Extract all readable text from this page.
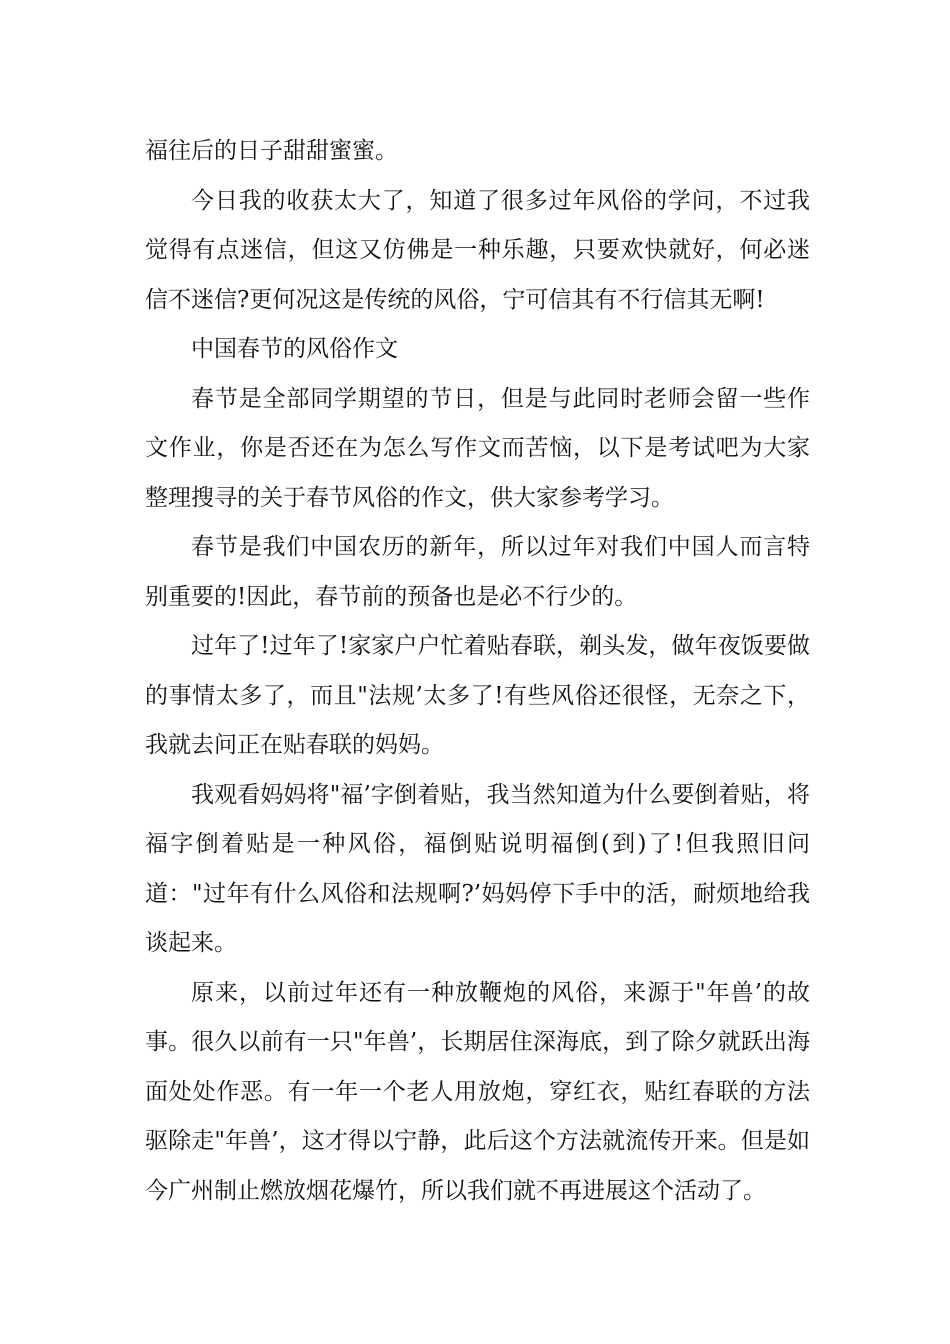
福往后的日子甜甜蜜蜜。

今日我的收获太大了，知道了很多过年风俗的学问，不过我觉得有点迷信，但这又仿佛是一种乐趣，只要欢快就好，何必迷信不迷信?更何况这是传统的风俗，宁可信其有不行信其无啊!

中国春节的风俗作文

春节是全部同学期望的节日，但是与此同时老师会留一些作文作业，你是否还在为怎么写作文而苦恼，以下是考试吧为大家整理搜寻的关于春节风俗的作文，供大家参考学习。

春节是我们中国农历的新年，所以过年对我们中国人而言特别重要的!因此，春节前的预备也是必不行少的。

过年了!过年了!家家户户忙着贴春联，剃头发，做年夜饭要做的事情太多了，而且"法规’太多了!有些风俗还很怪，无奈之下，我就去问正在贴春联的妈妈。

我观看妈妈将"福’字倒着贴，我当然知道为什么要倒着贴，将福字倒着贴是一种风俗，福倒贴说明福倒(到)了!但我照旧问道："过年有什么风俗和法规啊?’妈妈停下手中的活，耐烦地给我谈起来。

原来，以前过年还有一种放鞭炮的风俗，来源于"年兽’的故事。很久以前有一只"年兽’，长期居住深海底，到了除夕就跃出海面处处作恶。有一年一个老人用放炮，穿红衣，贴红春联的方法驱除走"年兽’，这才得以宁静，此后这个方法就流传开来。但是如今广州制止燃放烟花爆竹，所以我们就不再进展这个活动了。
